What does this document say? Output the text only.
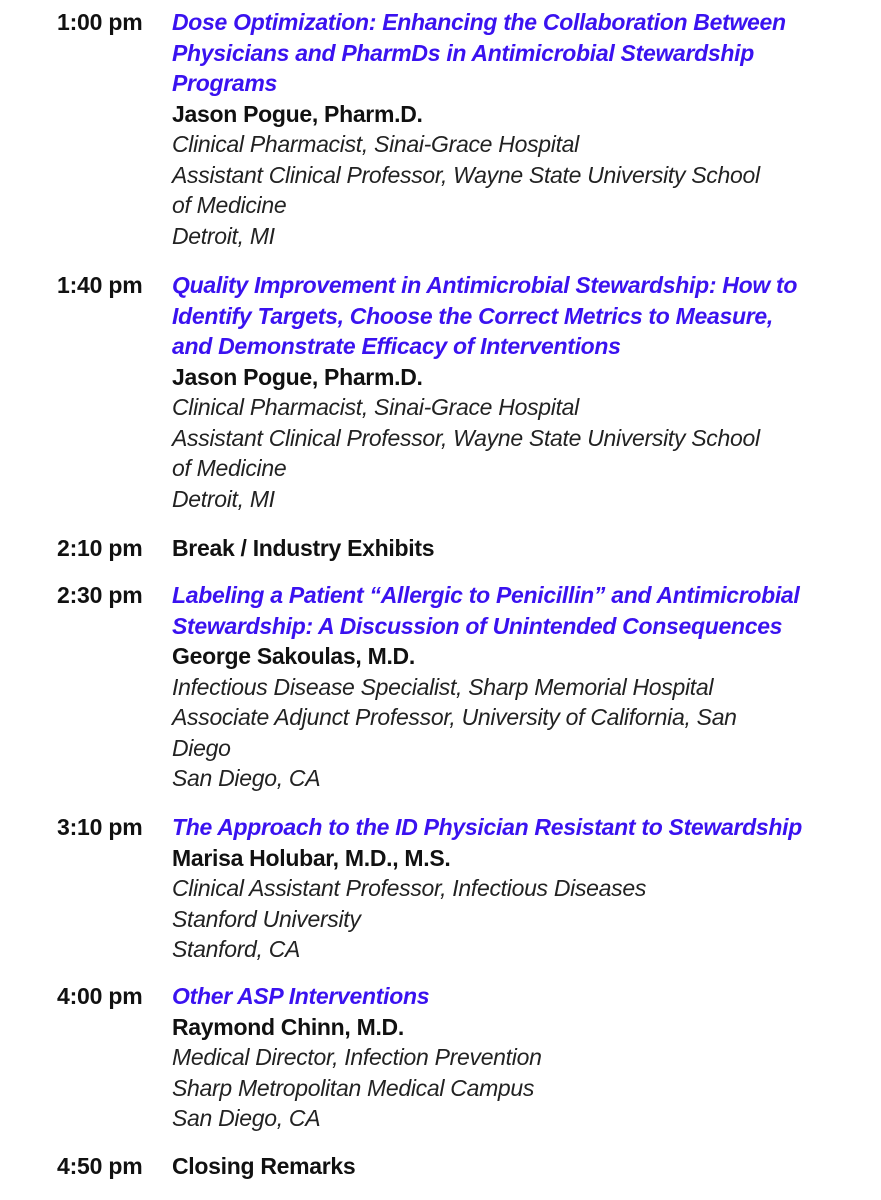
1:00 pm Dose Optimization: Enhancing the Collaboration Between
Physicians and PharmDs in Antimicrobial Stewardship
Programs
Jason Pogue, Pharm.D.
Clinical Pharmacist, Sinai-Grace Hospital
Assistant Clinical Professor, Wayne State University School
of Medicine
Detroit, MI
1:40 pm Quality Improvement in Antimicrobial Stewardship: How to
Identify Targets, Choose the Correct Metrics to Measure,
and Demonstrate Efficacy of Interventions
Jason Pogue, Pharm.D.
Clinical Pharmacist, Sinai-Grace Hospital
Assistant Clinical Professor, Wayne State University School
of Medicine
Detroit, MI
2:10 pm Break / Industry Exhibits
2:30 pm Labeling a Patient “Allergic to Penicillin” and Antimicrobial
Stewardship: A Discussion of Unintended Consequences
George Sakoulas, M.D.
Infectious Disease Specialist, Sharp Memorial Hospital
Associate Adjunct Professor, University of California, San
Diego
San Diego, CA
3:10 pm The Approach to the ID Physician Resistant to Stewardship
Marisa Holubar, M.D., M.S.
Clinical Assistant Professor, Infectious Diseases
Stanford University
Stanford, CA
4:00 pm Other ASP Interventions
Raymond Chinn, M.D.
Medical Director, Infection Prevention
Sharp Metropolitan Medical Campus
San Diego, CA
4:50 pm Closing Remarks
